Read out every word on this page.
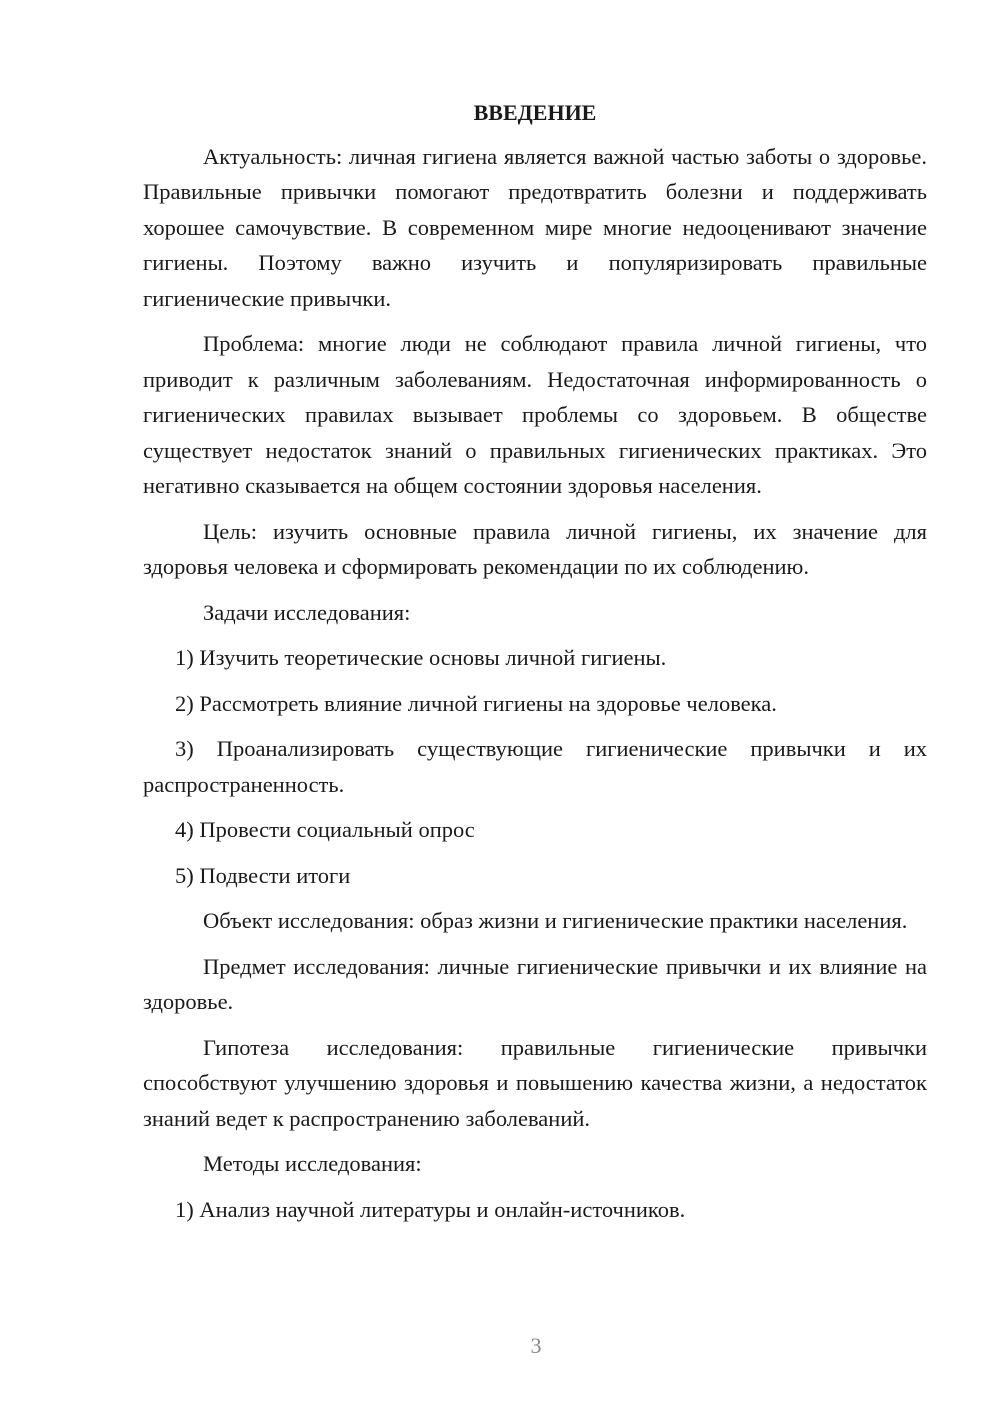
ВВЕДЕНИЕ

Актуальность: личная гигиена является важной частью заботы о здоровье. Правильные привычки помогают предотвратить болезни и поддерживать хорошее самочувствие. В современном мире многие недооценивают значение гигиены. Поэтому важно изучить и популяризировать правильные гигиенические привычки.

Проблема: многие люди не соблюдают правила личной гигиены, что приводит к различным заболеваниям. Недостаточная информированность о гигиенических правилах вызывает проблемы со здоровьем. В обществе существует недостаток знаний о правильных гигиенических практиках. Это негативно сказывается на общем состоянии здоровья населения.

Цель: изучить основные правила личной гигиены, их значение для здоровья человека и сформировать рекомендации по их соблюдению.

Задачи исследования:

1) Изучить теоретические основы личной гигиены.

2) Рассмотреть влияние личной гигиены на здоровье человека.

3) Проанализировать существующие гигиенические привычки и их распространенность.

4) Провести социальный опрос

5) Подвести итоги

Объект исследования: образ жизни и гигиенические практики населения.

Предмет исследования: личные гигиенические привычки и их влияние на здоровье.

Гипотеза исследования: правильные гигиенические привычки способствуют улучшению здоровья и повышению качества жизни, а недостаток знаний ведет к распространению заболеваний.

Методы исследования:

1) Анализ научной литературы и онлайн-источников.

3
